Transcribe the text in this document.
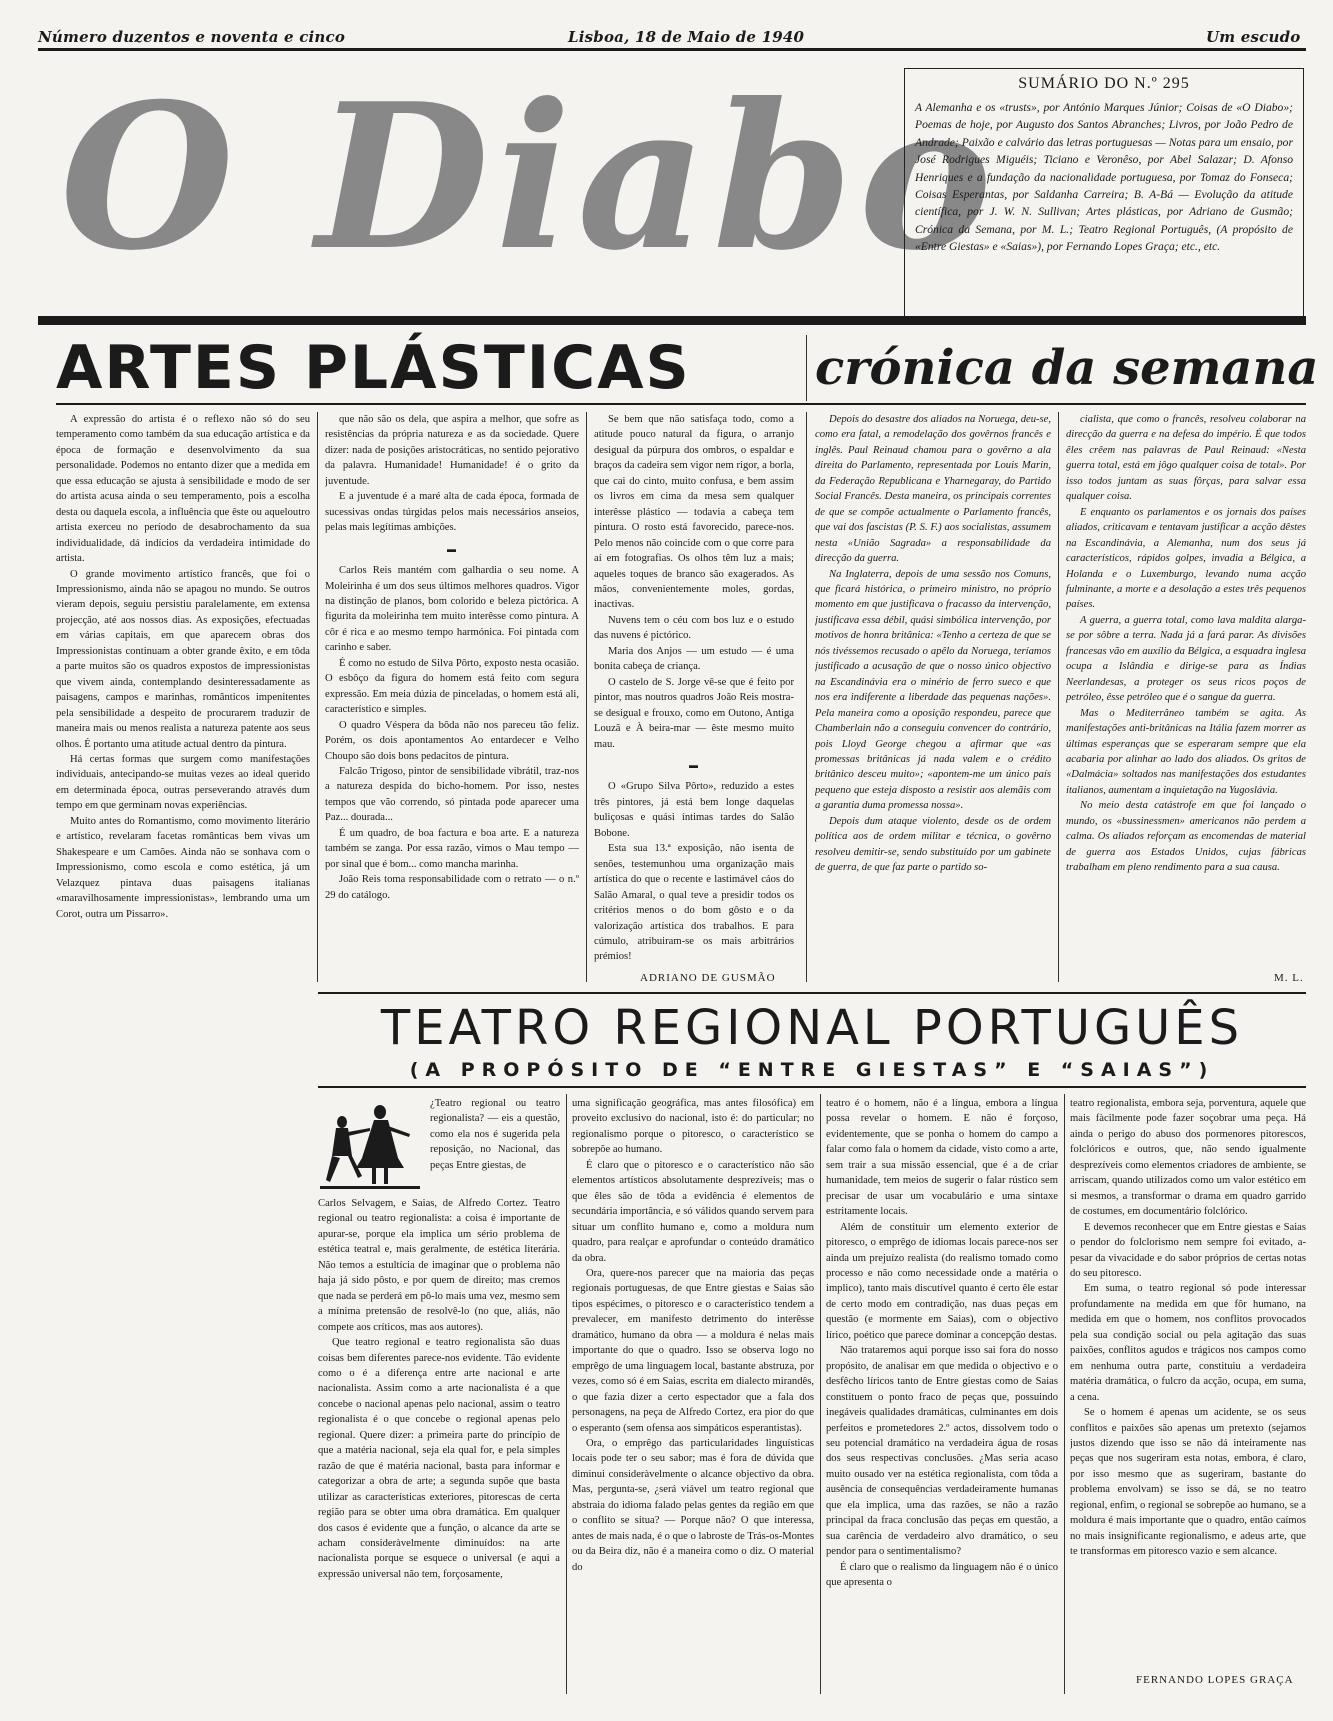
Número duzentos e noventa e cinco	Lisboa, 18 de Maio de 1940	Um escudo
O Diabo	SUMÁRIO DO N.º 295
A Alemanha e os «trusts», por António Marques Júnior; Coisas de «O Diabo»; Poemas de hoje, por Augusto dos Santos Abranches; Livros, por João Pedro de Andrade; Paixão e calvário das letras portuguesas — Notas para um ensaio, por José Rodrigues Miguéis; Ticiano e Veronêso, por Abel Salazar; D. Afonso Henriques e a fundação da nacionalidade portuguesa, por Tomaz do Fonseca; Coisas Esperantas, por Saldanha Carreira; B. A-Bá — Evolução da atitude científica, por J. W. N. Sullivan; Artes plásticas, por Adriano de Gusmão; Crónica da Semana, por M. L.; Teatro Regional Português, (A propósito de «Entre Giestas» e «Saias»), por Fernando Lopes Graça; etc., etc.
ARTES PLÁSTICAS	crónica da semana

A expressão do artista é o reflexo não só do seu temperamento como também da sua educação artística e da época de formação e desenvolvimento da sua personalidade. Podemos no entanto dizer que a medida em que essa educação se ajusta à sensibilidade e modo de ser do artista acusa ainda o seu temperamento, pois a escolha desta ou daquela escola, a influência que êste ou aqueloutro artista exerceu no período de desabrochamento da sua individualidade, dá indícios da verdadeira intimidade do artista.

O grande movimento artístico francês, que foi o Impressionismo, ainda não se apagou no mundo. Se outros vieram depois, seguiu persistiu paralelamente, em extensa projecção, até aos nossos dias. As exposições, efectuadas em várias capitais, em que aparecem obras dos Impressionistas continuam a obter grande êxito, e em tôda a parte muitos são os quadros expostos de impressionistas que vivem ainda, contemplando desinteressadamente as paisagens, campos e marinhas, românticos impenitentes pela sensibilidade a despeito de procurarem traduzir de maneira mais ou menos realista a natureza patente aos seus olhos. É portanto uma atitude actual dentro da pintura.

Há certas formas que surgem como manifestações individuais, antecipando-se muitas vezes ao ideal querido em determinada época, outras perseverando através dum tempo em que germinam novas experiências.

Muito antes do Romantismo, como movimento literário e artístico, revelaram facetas românticas bem vivas um Shakespeare e um Camões. Ainda não se sonhava com o Impressionismo, como escola e como estética, já um Velazquez pintava duas paisagens italianas «maravilhosamente impressionistas», lembrando uma um Corot, outra um Pissarro».

que não são os dela, que aspira a melhor, que sofre as resistências da própria natureza e as da sociedade. Quere dizer: nada de posições aristocráticas, no sentido pejorativo da palavra. Humanidade! Humanidade! é o grito da juventude.

E a juventude é a maré alta de cada época, formada de sucessivas ondas túrgidas pelos mais necessários anseios, pelas mais legítimas ambições.

▬

Carlos Reis mantém com galhardia o seu nome. A Moleirinha é um dos seus últimos melhores quadros. Vigor na distinção de planos, bom colorido e beleza pictórica. A figurita da moleirinha tem muito interêsse como pintura. A côr é rica e ao mesmo tempo harmónica. Foi pintada com carinho e saber.

É como no estudo de Silva Pôrto, exposto nesta ocasião. O esbôço da figura do homem está feito com segura expressão. Em meia dúzia de pinceladas, o homem está ali, característico e simples.

O quadro Véspera da bôda não nos pareceu tão feliz. Porém, os dois apontamentos Ao entardecer e Velho Choupo são dois bons pedacitos de pintura.

Falcão Trigoso, pintor de sensibilidade vibrátil, traz-nos a natureza despida do bicho-homem. Por isso, nestes tempos que vão correndo, só pintada pode aparecer uma Paz... dourada...

É um quadro, de boa factura e boa arte. E a natureza também se zanga. Por essa razão, vimos o Mau tempo — por sinal que é bom... como mancha marinha.

João Reis toma responsabilidade com o retrato — o n.º 29 do catálogo.

Se bem que não satisfaça todo, como a atitude pouco natural da figura, o arranjo desigual da púrpura dos ombros, o espaldar e braços da cadeira sem vigor nem rigor, a borla, que cai do cinto, muito confusa, e bem assim os livros em cima da mesa sem qualquer interêsse plástico — todavia a cabeça tem pintura. O rosto está favorecido, parece-nos. Pelo menos não coincide com o que corre para aí em fotografias. Os olhos têm luz a mais; aqueles toques de branco são exagerados. As mãos, convenientemente moles, gordas, inactivas.

Nuvens tem o céu com bos luz e o estudo das nuvens é pictórico.

Maria dos Anjos — um estudo — é uma bonita cabeça de criança.

O castelo de S. Jorge vê-se que é feito por pintor, mas noutros quadros João Reis mostra-se desigual e frouxo, como em Outono, Antiga Louzã e À beira-mar — êste mesmo muito mau.

▬

O «Grupo Silva Pôrto», reduzido a estes três pintores, já está bem longe daquelas buliçosas e quási íntimas tardes do Salão Bobone.

Esta sua 13.ª exposição, não isenta de senões, testemunhou uma organização mais artística do que o recente e lastimável cáos do Salão Amaral, o qual teve a presidir todos os critérios menos o do bom gôsto e o da valorização artística dos trabalhos. E para cúmulo, atribuiram-se os mais arbitrários prémios!

ADRIANO DE GUSMÃO

Depois do desastre dos aliados na Noruega, deu-se, como era fatal, a remodelação dos govêrnos francês e inglês. Paul Reinaud chamou para o govêrno a ala direita do Parlamento, representada por Louis Marin, da Federação Republicana e Yharnegaray, do Partido Social Francês. Desta maneira, os principais correntes de que se compõe actualmente o Parlamento francês, que vai dos fascistas (P. S. F.) aos socialistas, assumem nesta «União Sagrada» a responsabilidade da direcção da guerra.

Na Inglaterra, depois de uma sessão nos Comuns, que ficará histórica, o primeiro ministro, no próprio momento em que justificava o fracasso da intervenção, justificava essa débil, quási simbólica intervenção, por motivos de honra britânica: «Tenho a certeza de que se nós tivéssemos recusado o apêlo da Noruega, teríamos justificado a acusação de que o nosso único objectivo na Escandinávia era o minério de ferro sueco e que nos era indiferente a liberdade das pequenas nações». Pela maneira como a oposição respondeu, parece que Chamberlain não a conseguiu convencer do contrário, pois Lloyd George chegou a afirmar que «as promessas britânicas já nada valem e o crédito britânico desceu muito»; «apontem-me um único país pequeno que esteja disposto a resistir aos alemãis com a garantia duma promessa nossa».

Depois dum ataque violento, desde os de ordem política aos de ordem militar e técnica, o govêrno resolveu demitir-se, sendo substituído por um gabinete de guerra, de que faz parte o partido so-

cialista, que como o francês, resolveu colaborar na direcção da guerra e na defesa do império. É que todos êles crêem nas palavras de Paul Reinaud: «Nesta guerra total, está em jôgo qualquer coisa de total». Por isso todos juntam as suas fôrças, para salvar essa qualquer coisa.

E enquanto os parlamentos e os jornais dos países aliados, criticavam e tentavam justificar a acção dêstes na Escandinávia, a Alemanha, num dos seus já característicos, rápidos golpes, invadia a Bélgica, a Holanda e o Luxemburgo, levando numa acção fulminante, a morte e a desolação a estes três pequenos países.

A guerra, a guerra total, como lava maldita alarga-se por sôbre a terra. Nada já a fará parar. As divisões francesas vão em auxílio da Bélgica, a esquadra inglesa ocupa a Islândia e dirige-se para as Índias Neerlandesas, a proteger os seus ricos poços de petróleo, êsse petróleo que é o sangue da guerra.

Mas o Mediterrâneo também se agita. As manifestações anti-britânicas na Itália fazem morrer as últimas esperanças que se esperaram sempre que ela acabaria por alinhar ao lado dos aliados. Os gritos de «Dalmácia» soltados nas manifestações dos estudantes italianos, aumentam a inquietação na Yugoslávia.

No meio desta catástrofe em que foi lançado o mundo, os «bussinessmen» americanos não perdem a calma. Os aliados reforçam as encomendas de material de guerra aos Estados Unidos, cujas fábricas trabalham em pleno rendimento para a sua causa.

M. L.
TEATRO REGIONAL PORTUGUÊS
(A PROPÓSITO DE “ENTRE GIESTAS” E “SAIAS”)

¿Teatro regional ou teatro regionalista? — eis a questão, como ela nos é sugerida pela reposição, no Nacional, das peças Entre giestas, de

Carlos Selvagem, e Saias, de Alfredo Cortez. Teatro regional ou teatro regionalista: a coisa é importante de apurar-se, porque ela implica um sério problema de estética teatral e, mais geralmente, de estética literária. Não temos a estultícia de imaginar que o problema não haja já sido pôsto, e por quem de direito; mas cremos que nada se perderá em pô-lo mais uma vez, mesmo sem a mínima pretensão de resolvê-lo (no que, aliás, não compete aos críticos, mas aos autores).

Que teatro regional e teatro regionalista são duas coisas bem diferentes parece-nos evidente. Tão evidente como o é a diferença entre arte nacional e arte nacionalista. Assim como a arte nacionalista é a que concebe o nacional apenas pelo nacional, assim o teatro regionalista é o que concebe o regional apenas pelo regional. Quere dizer: a primeira parte do princípio de que a matéria nacional, seja ela qual for, e pela simples razão de que é matéria nacional, basta para informar e categorizar a obra de arte; a segunda supõe que basta utilizar as características exteriores, pitorescas de certa região para se obter uma obra dramática. Em qualquer dos casos é evidente que a função, o alcance da arte se acham consideràvelmente diminuídos: na arte nacionalista porque se esquece o universal (e aqui a expressão universal não tem, forçosamente,

uma significação geográfica, mas antes filosófica) em proveito exclusivo do nacional, isto é: do particular; no regionalismo porque o pitoresco, o característico se sobrepõe ao humano.

É claro que o pitoresco e o característico não são elementos artísticos absolutamente desprezíveis; mas o que êles são de tôda a evidência é elementos de secundária importância, e só válidos quando servem para situar um conflito humano e, como a moldura num quadro, para realçar e aprofundar o conteúdo dramático da obra.

Ora, quere-nos parecer que na maioria das peças regionais portuguesas, de que Entre giestas e Saias são tipos espécimes, o pitoresco e o característico tendem a prevalecer, em manifesto detrimento do interêsse dramático, humano da obra — a moldura é nelas mais importante do que o quadro. Isso se observa logo no emprêgo de uma linguagem local, bastante abstruza, por vezes, como só é em Saias, escrita em dialecto mirandês, o que fazia dizer a certo espectador que a fala dos personagens, na peça de Alfredo Cortez, era pior do que o esperanto (sem ofensa aos simpáticos esperantistas).

Ora, o emprêgo das particularidades linguísticas locais pode ter o seu sabor; mas é fora de dúvida que diminui consideràvelmente o alcance objectivo da obra. Mas, pergunta-se, ¿será viável um teatro regional que abstraia do idioma falado pelas gentes da região em que o conflito se situa? — Porque não? O que interessa, antes de mais nada, é o que o labroste de Trás-os-Montes ou da Beira diz, não é a maneira como o diz. O material do

teatro é o homem, não é a língua, embora a língua possa revelar o homem. E não é forçoso, evidentemente, que se ponha o homem do campo a falar como fala o homem da cidade, visto como a arte, sem trair a sua missão essencial, que é a de criar humanidade, tem meios de sugerir o falar rústico sem precisar de usar um vocabulário e uma sintaxe estritamente locais.

Além de constituir um elemento exterior de pitoresco, o emprêgo de idiomas locais parece-nos ser ainda um prejuízo realista (do realismo tomado como processo e não como necessidade onde a matéria o implico), tanto mais discutível quanto é certo êle estar de certo modo em contradição, nas duas peças em questão (e mormente em Saias), com o objectivo lírico, poético que parece dominar a concepção destas.

Não trataremos aqui porque isso sai fora do nosso propósito, de analisar em que medida o objectivo e o desfêcho líricos tanto de Entre giestas como de Saias constituem o ponto fraco de peças que, possuindo inegáveis qualidades dramáticas, culminantes em dois perfeitos e prometedores 2.º actos, dissolvem todo o seu potencial dramático na verdadeira água de rosas dos seus respectivas conclusões. ¿Mas seria acaso muito ousado ver na estética regionalista, com tôda a ausência de consequências verdadeiramente humanas que ela implica, uma das razões, se não a razão principal da fraca conclusão das peças em questão, a sua carência de verdadeiro alvo dramático, o seu pendor para o sentimentalismo?

É claro que o realismo da linguagem não é o único que apresenta o

teatro regionalista, embora seja, porventura, aquele que mais fàcilmente pode fazer soçobrar uma peça. Há ainda o perigo do abuso dos pormenores pitorescos, folclóricos e outros, que, não sendo igualmente desprezíveis como elementos criadores de ambiente, se arriscam, quando utilizados como um valor estético em si mesmos, a transformar o drama em quadro garrido de costumes, em documentário folclórico.

E devemos reconhecer que em Entre giestas e Saias o pendor do folclorismo nem sempre foi evitado, a-pesar da vivacidade e do sabor próprios de certas notas do seu pitoresco.

Em suma, o teatro regional só pode interessar profundamente na medida em que fôr humano, na medida em que o homem, nos conflitos provocados pela sua condição social ou pela agitação das suas paixões, conflitos agudos e trágicos nos campos como em nenhuma outra parte, constituiu a verdadeira matéria dramática, o fulcro da acção, ocupa, em suma, a cena.

Se o homem é apenas um acidente, se os seus conflitos e paixões são apenas um pretexto (sejamos justos dizendo que isso se não dá inteiramente nas peças que nos sugeriram esta notas, embora, é claro, por isso mesmo que as sugeriram, bastante do problema envolvam) se isso se dá, se no teatro regional, enfim, o regional se sobrepõe ao humano, se a moldura é mais importante que o quadro, então caímos no mais insignificante regionalismo, e adeus arte, que te transformas em pitoresco vazio e sem alcance.

FERNANDO LOPES GRAÇA
